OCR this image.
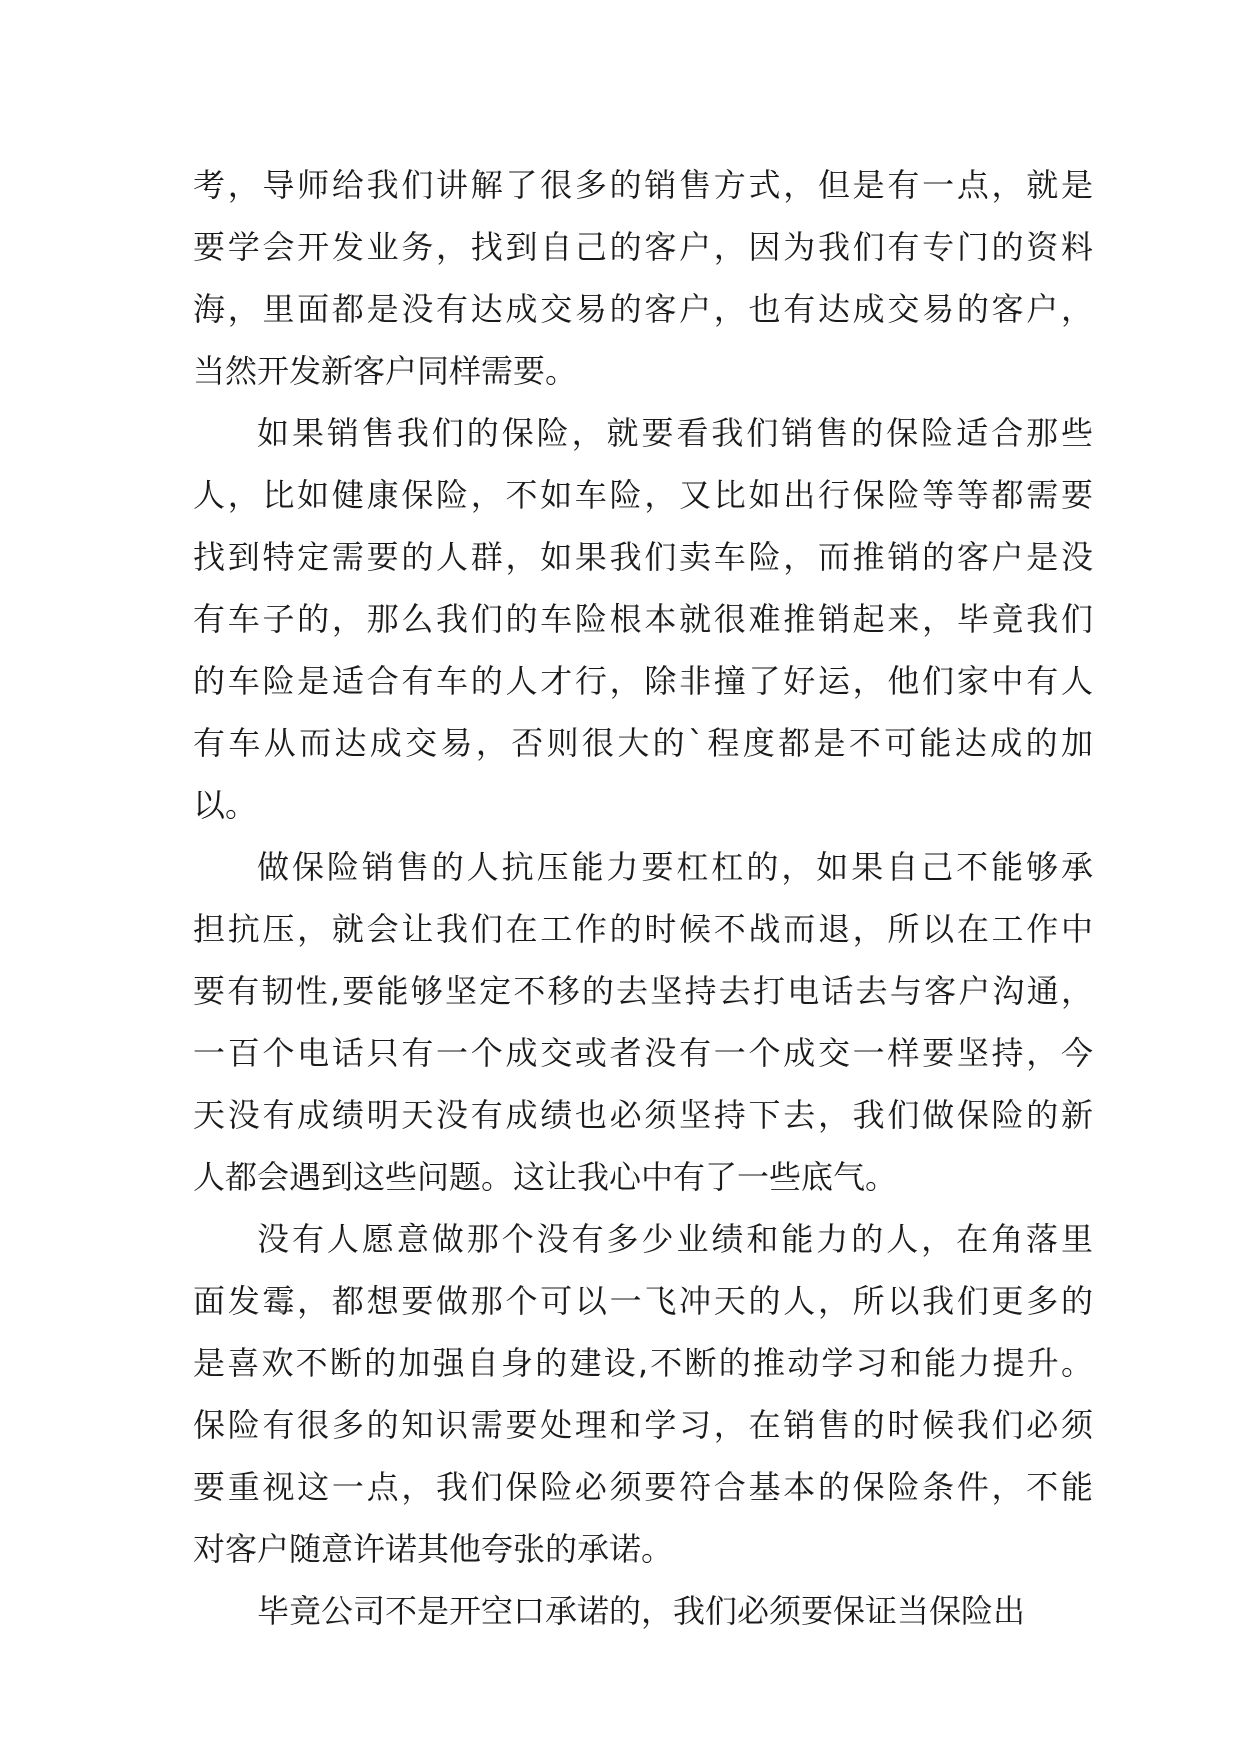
考，导师给我们讲解了很多的销售方式，但是有一点，就是
要学会开发业务，找到自己的客户，因为我们有专门的资料
海，里面都是没有达成交易的客户，也有达成交易的客户，
当然开发新客户同样需要。
如果销售我们的保险，就要看我们销售的保险适合那些
人，比如健康保险，不如车险，又比如出行保险等等都需要
找到特定需要的人群，如果我们卖车险，而推销的客户是没
有车子的，那么我们的车险根本就很难推销起来，毕竟我们
的车险是适合有车的人才行，除非撞了好运，他们家中有人
有车从而达成交易，否则很大的`程度都是不可能达成的加
以。
做保险销售的人抗压能力要杠杠的，如果自己不能够承
担抗压，就会让我们在工作的时候不战而退，所以在工作中
要有韧性,要能够坚定不移的去坚持去打电话去与客户沟通，
一百个电话只有一个成交或者没有一个成交一样要坚持，今
天没有成绩明天没有成绩也必须坚持下去，我们做保险的新
人都会遇到这些问题。这让我心中有了一些底气。
没有人愿意做那个没有多少业绩和能力的人，在角落里
面发霉，都想要做那个可以一飞冲天的人，所以我们更多的
是喜欢不断的加强自身的建设,不断的推动学习和能力提升。
保险有很多的知识需要处理和学习，在销售的时候我们必须
要重视这一点，我们保险必须要符合基本的保险条件，不能
对客户随意许诺其他夸张的承诺。
毕竟公司不是开空口承诺的，我们必须要保证当保险出
